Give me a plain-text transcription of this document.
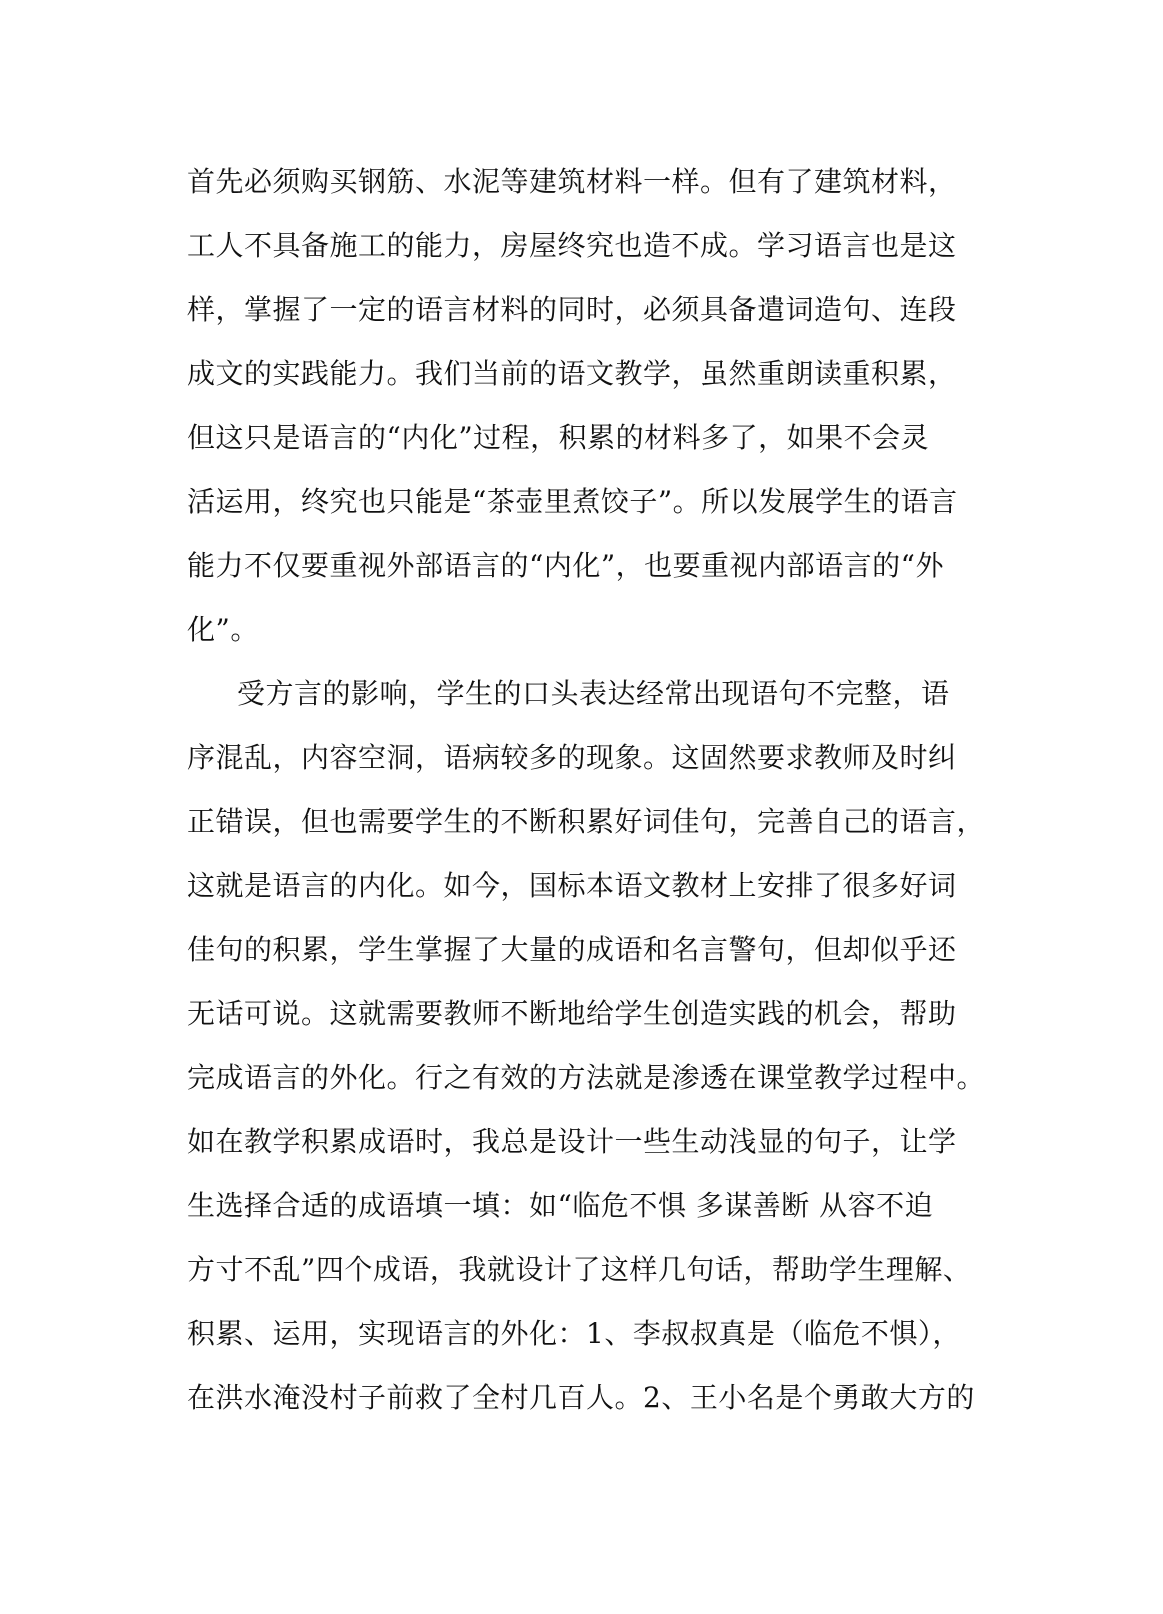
首先必须购买钢筋、水泥等建筑材料一样。但有了建筑材料，
工人不具备施工的能力，房屋终究也造不成。学习语言也是这
样，掌握了一定的语言材料的同时，必须具备遣词造句、连段
成文的实践能力。我们当前的语文教学，虽然重朗读重积累，
但这只是语言的“内化”过程，积累的材料多了，如果不会灵
活运用，终究也只能是“茶壶里煮饺子”。所以发展学生的语言
能力不仅要重视外部语言的“内化”，也要重视内部语言的“外
化”。
受方言的影响，学生的口头表达经常出现语句不完整，语
序混乱，内容空洞，语病较多的现象。这固然要求教师及时纠
正错误，但也需要学生的不断积累好词佳句，完善自己的语言，
这就是语言的内化。如今，国标本语文教材上安排了很多好词
佳句的积累，学生掌握了大量的成语和名言警句，但却似乎还
无话可说。这就需要教师不断地给学生创造实践的机会，帮助
完成语言的外化。行之有效的方法就是渗透在课堂教学过程中。
如在教学积累成语时，我总是设计一些生动浅显的句子，让学
生选择合适的成语填一填：如“临危不惧 多谋善断 从容不迫
方寸不乱”四个成语，我就设计了这样几句话，帮助学生理解、
积累、运用，实现语言的外化：1、李叔叔真是（临危不惧），
在洪水淹没村子前救了全村几百人。2、王小名是个勇敢大方的
